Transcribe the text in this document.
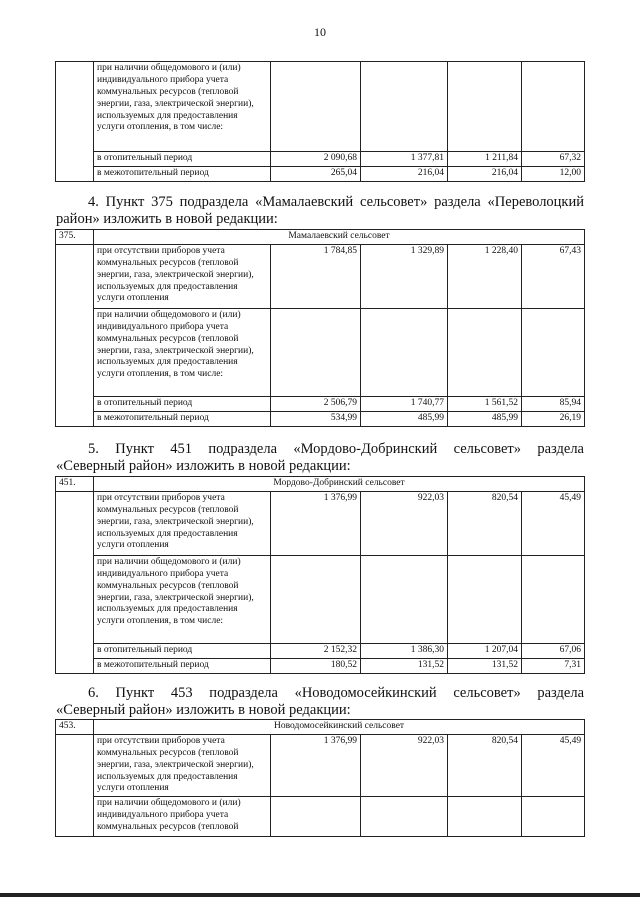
10
	при наличии общедомового и (или) индивидуального прибора учета коммунальных ресурсов (тепловой энергии, газа, электрической энергии), используемых для предоставления услуги отопления, в том числе:				
	в отопительный период	2 090,68	1 377,81	1 211,84	67,32
	в межотопительный период	265,04	216,04	216,04	12,00
4. Пункт 375 подраздела «Мамалаевский сельсовет» раздела «Переволоцкий
район» изложить в новой редакции:
375.	Мамалаевский сельсовет				
	при отсутствии приборов учета коммунальных ресурсов (тепловой энергии, газа, электрической энергии), используемых для предоставления услуги отопления	1 784,85	1 329,89	1 228,40	67,43
	при наличии общедомового и (или) индивидуального прибора учета коммунальных ресурсов (тепловой энергии, газа, электрической энергии), используемых для предоставления услуги отопления, в том числе:				
	в отопительный период	2 506,79	1 740,77	1 561,52	85,94
	в межотопительный период	534,99	485,99	485,99	26,19
5. Пункт 451 подраздела «Мордово-Добринский сельсовет» раздела
«Северный район» изложить в новой редакции:
451.	Мордово-Добринский сельсовет				
	при отсутствии приборов учета коммунальных ресурсов (тепловой энергии, газа, электрической энергии), используемых для предоставления услуги отопления	1 376,99	922,03	820,54	45,49
	при наличии общедомового и (или) индивидуального прибора учета коммунальных ресурсов (тепловой энергии, газа, электрической энергии), используемых для предоставления услуги отопления, в том числе:				
	в отопительный период	2 152,32	1 386,30	1 207,04	67,06
	в межотопительный период	180,52	131,52	131,52	7,31
6. Пункт 453 подраздела «Новодомосейкинский сельсовет» раздела
«Северный район» изложить в новой редакции:
453.	Новодомосейкинский сельсовет				
	при отсутствии приборов учета коммунальных ресурсов (тепловой энергии, газа, электрической энергии), используемых для предоставления услуги отопления	1 376,99	922,03	820,54	45,49
	при наличии общедомового и (или) индивидуального прибора учета коммунальных ресурсов (тепловой				
